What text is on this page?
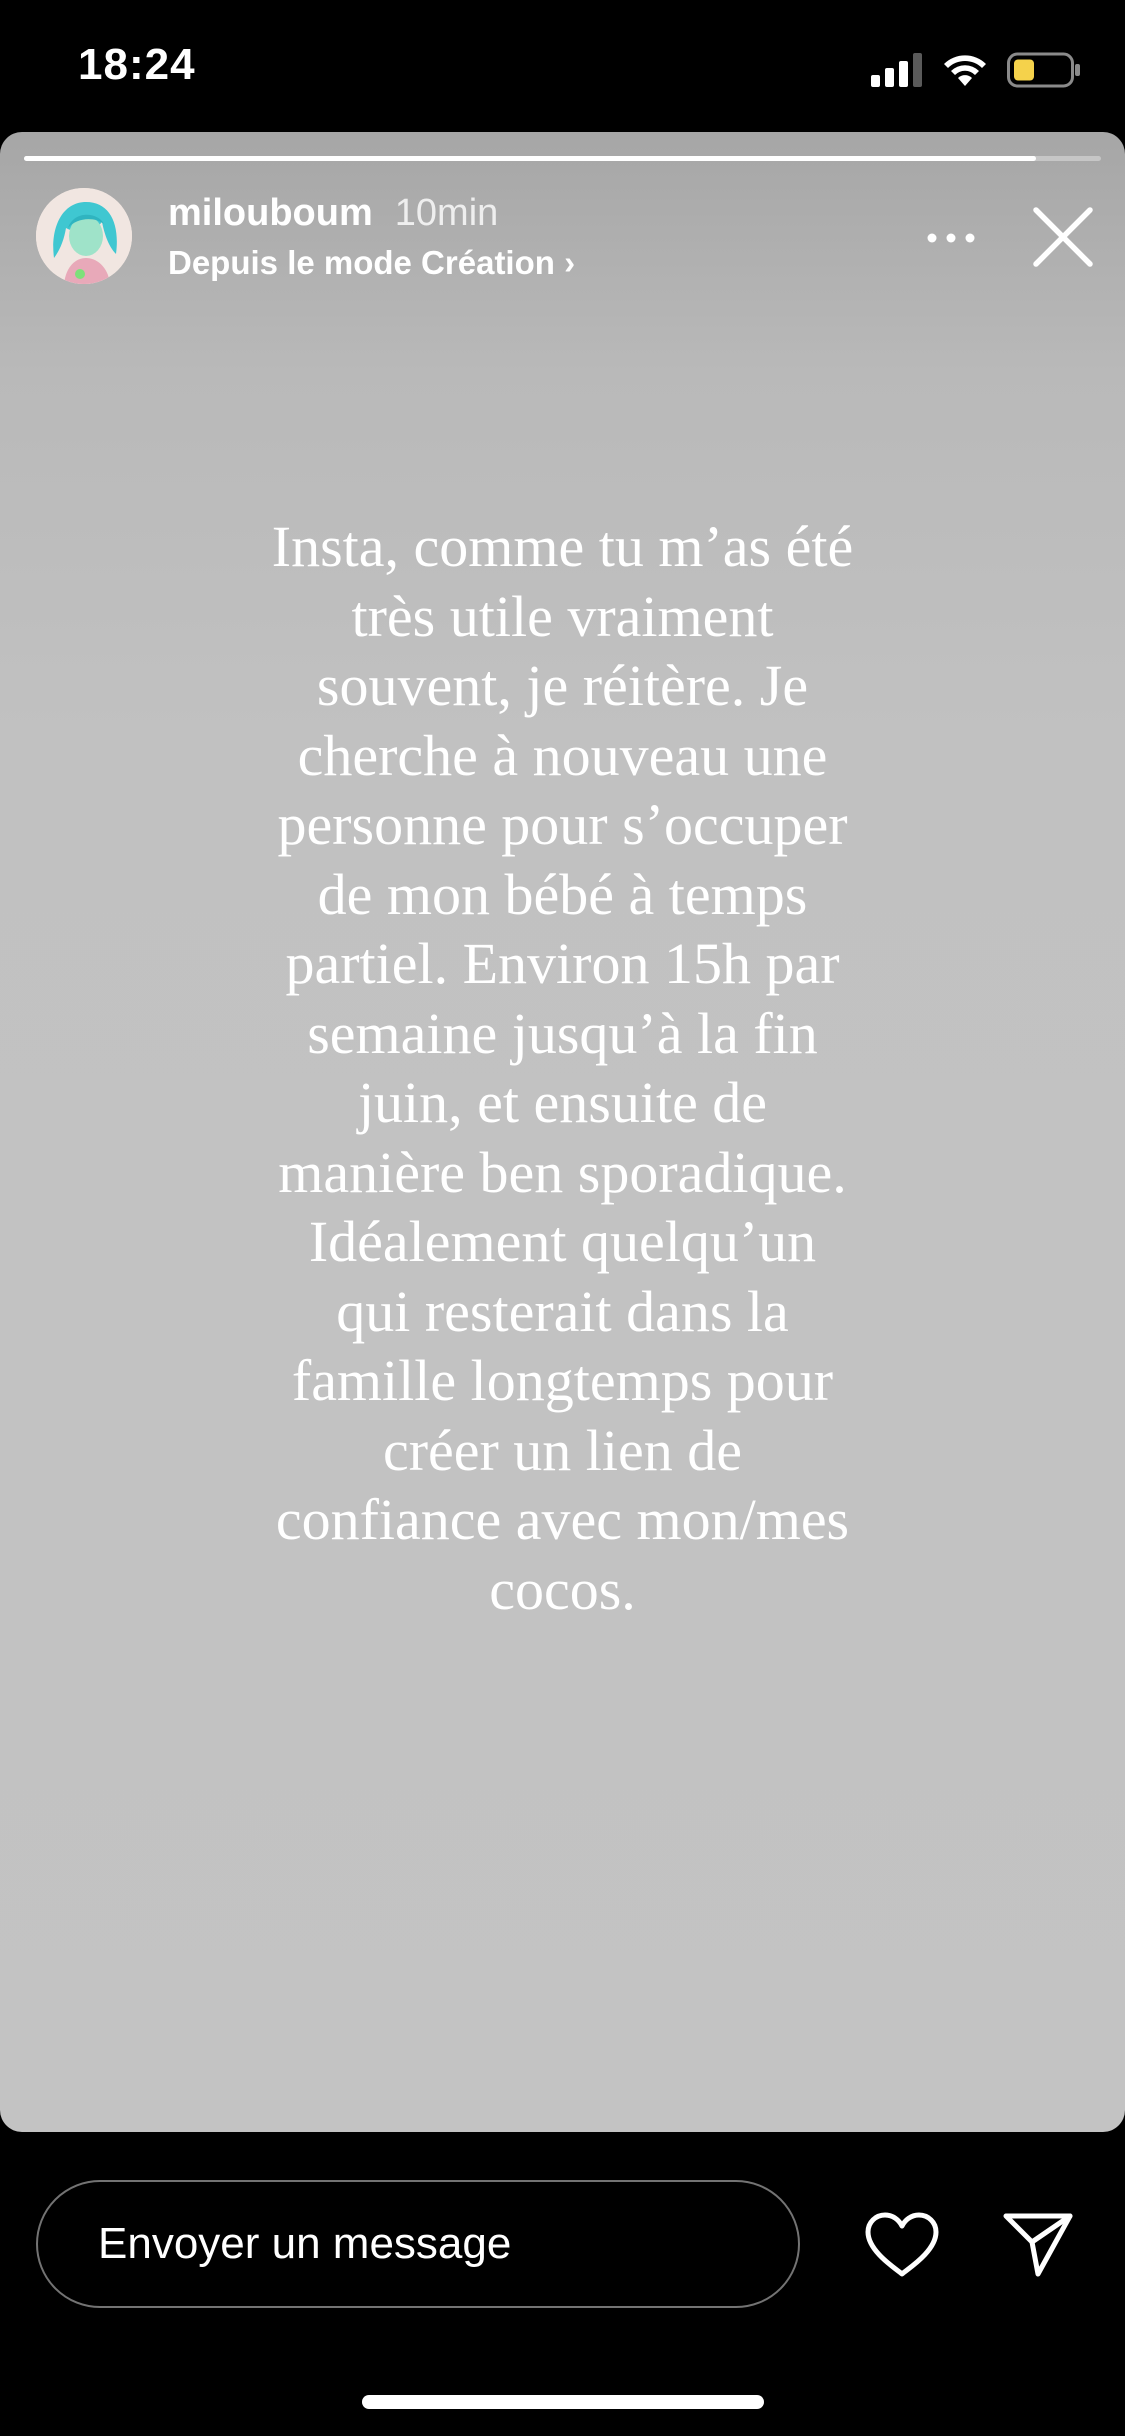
18:24
milouboum 10min
Depuis le mode Création ›
Insta, comme tu m’as été
très utile vraiment
souvent, je réitère. Je
cherche à nouveau une
personne pour s’occuper
de mon bébé à temps
partiel. Environ 15h par
semaine jusqu’à la fin
juin, et ensuite de
manière ben sporadique.
Idéalement quelqu’un
qui resterait dans la
famille longtemps pour
créer un lien de
confiance avec mon/mes
cocos.
Envoyer un message
